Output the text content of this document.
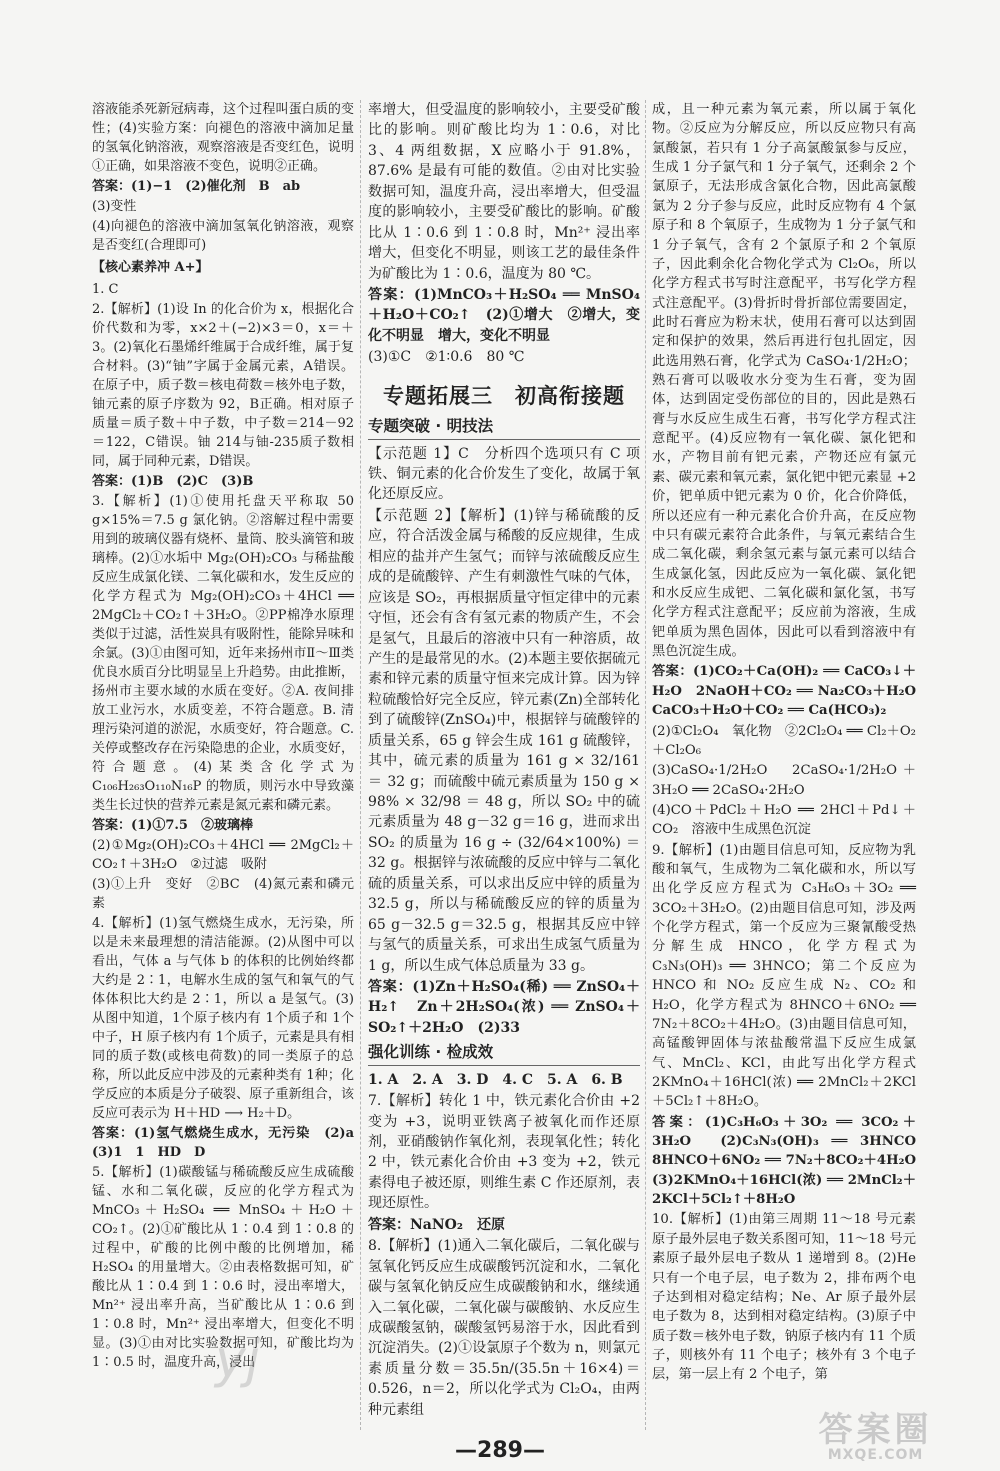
溶液能杀死新冠病毒，这个过程叫蛋白质的变性；(4)实验方案：向褪色的溶液中滴加足量的氢氧化钠溶液，观察溶液是否变红色，说明①正确，如果溶液不变色，说明②正确。
答案：(1)−1　(2)催化剂　B　ab
(3)变性
(4)向褪色的溶液中滴加氢氧化钠溶液，观察是否变红(合理即可)
【核心素养冲 A+】
1. C
2.【解析】(1)设 In 的化合价为 x，根据化合价代数和为零，x×2＋(−2)×3＝0，x＝＋3。(2)氧化石墨烯纤维属于合成纤维，属于复合材料。(3)“铀”字属于金属元素，A错误。在原子中，质子数＝核电荷数＝核外电子数，铀元素的原子序数为 92，B正确。相对原子质量＝质子数＋中子数，中子数＝214－92＝122，C错误。铀 214与铀-235质子数相同，属于同种元素，D错误。
答案：(1)B　(2)C　(3)B
3.【解析】(1)①使用托盘天平称取 50 g×15%＝7.5 g 氯化钠。②溶解过程中需要用到的玻璃仪器有烧杯、量筒、胶头滴管和玻璃棒。(2)①水垢中 Mg₂(OH)₂CO₃ 与稀盐酸反应生成氯化镁、二氧化碳和水，发生反应的化学方程式为 Mg₂(OH)₂CO₃＋4HCl ══ 2MgCl₂＋CO₂↑＋3H₂O。②PP棉净水原理类似于过滤，活性炭具有吸附性，能除异味和余氯。(3)①由图可知，近年来扬州市Ⅱ～Ⅲ类优良水质百分比明显呈上升趋势。由此推断，扬州市主要水域的水质在变好。②A. 夜间排放工业污水，水质变差，不符合题意。B. 清理污染河道的淤泥，水质变好，符合题意。C. 关停或整改存在污染隐患的企业，水质变好，符合题意。(4)某类含化学式为 C₁₀₆H₂₆₃O₁₁₀N₁₆P 的物质，则污水中导致藻类生长过快的营养元素是氮元素和磷元素。
答案：(1)①7.5　②玻璃棒
(2)①Mg₂(OH)₂CO₃＋4HCl ══ 2MgCl₂＋CO₂↑＋3H₂O　②过滤　吸附
(3)①上升　变好　②BC　(4)氮元素和磷元素
4.【解析】(1)氢气燃烧生成水，无污染，所以是未来最理想的清洁能源。(2)从图中可以看出，气体 a 与气体 b 的体积的比例始终都大约是 2∶1，电解水生成的氢气和氧气的气体体积比大约是 2∶1，所以 a 是氢气。(3)从图中知道，1个原子核内有 1个质子和 1个中子，H 原子核内有 1个质子，元素是具有相同的质子数(或核电荷数)的同一类原子的总称，所以此反应中涉及的元素种类有 1种；化学反应的本质是分子破裂、原子重新组合，该反应可表示为 H＋HD ⟶ H₂＋D。
答案：(1)氢气燃烧生成水，无污染　(2)a　(3)1　1　HD　D
5.【解析】(1)碳酸锰与稀硫酸反应生成硫酸锰、水和二氧化碳，反应的化学方程式为 MnCO₃＋H₂SO₄ ══ MnSO₄＋H₂O＋CO₂↑。(2)①矿酸比从 1∶0.4 到 1∶0.8 的过程中，矿酸的比例中酸的比例增加，稀 H₂SO₄ 的用量增大。②由表格数据可知，矿酸比从 1∶0.4 到 1∶0.6 时，浸出率增大，Mn²⁺ 浸出率升高，当矿酸比从 1∶0.6 到 1∶0.8 时，Mn²⁺ 浸出率增大，但变化不明显。(3)①由对比实验数据可知，矿酸比均为 1∶0.5 时，温度升高，浸出
率增大，但受温度的影响较小，主要受矿酸比的影响。则矿酸比均为 1∶0.6，对比 3、4 两组数据，X 应略小于 91.8%，87.6% 是最有可能的数值。②由对比实验数据可知，温度升高，浸出率增大，但受温度的影响较小，主要受矿酸比的影响。矿酸比从 1∶0.6 到 1∶0.8 时，Mn²⁺ 浸出率增大，但变化不明显，则该工艺的最佳条件为矿酸比为 1∶0.6，温度为 80 ℃。
答案：(1)MnCO₃＋H₂SO₄ ══ MnSO₄＋H₂O＋CO₂↑　(2)①增大　②增大，变化不明显　增大，变化不明显
(3)①C　②1∶0.6　80 ℃
专题拓展三　初高衔接题
专题突破 · 明技法
【示范题 1】C　分析四个选项只有 C 项铁、铜元素的化合价发生了变化，故属于氧化还原反应。
【示范题 2】【解析】(1)锌与稀硫酸的反应，符合活泼金属与稀酸的反应规律，生成相应的盐并产生氢气；而锌与浓硫酸反应生成的是硫酸锌、产生有刺激性气味的气体，应该是 SO₂，再根据质量守恒定律中的元素守恒，还会有含有氢元素的物质产生，不会是氢气，且最后的溶液中只有一种溶质，故产生的是最常见的水。(2)本题主要依据硫元素和锌元素的质量守恒来完成计算。因为锌粒硫酸恰好完全反应，锌元素(Zn)全部转化到了硫酸锌(ZnSO₄)中，根据锌与硫酸锌的质量关系，65 g 锌会生成 161 g 硫酸锌，其中，硫元素的质量为 161 g × 32/161 ＝ 32 g；而硫酸中硫元素质量为 150 g × 98% × 32/98 ＝ 48 g，所以 SO₂ 中的硫元素质量为 48 g－32 g＝16 g，进而求出 SO₂ 的质量为 16 g ÷ (32/64×100%) ＝ 32 g。根据锌与浓硫酸的反应中锌与二氧化硫的质量关系，可以求出反应中锌的质量为 32.5 g，所以与稀硫酸反应的锌的质量为 65 g－32.5 g＝32.5 g，根据其反应中锌与氢气的质量关系，可求出生成氢气质量为 1 g，所以生成气体总质量为 33 g。
答案：(1)Zn＋H₂SO₄(稀) ══ ZnSO₄＋H₂↑　Zn＋2H₂SO₄(浓) ══ ZnSO₄＋SO₂↑＋2H₂O　(2)33
强化训练 · 检成效
1. A　2. A　3. D　4. C　5. A　6. B
7.【解析】转化 1 中，铁元素化合价由 +2 变为 +3，说明亚铁离子被氧化而作还原剂，亚硝酸钠作氧化剂，表现氧化性；转化 2 中，铁元素化合价由 +3 变为 +2，铁元素得电子被还原，则维生素 C 作还原剂，表现还原性。
答案：NaNO₂　还原
8.【解析】(1)通入二氧化碳后，二氧化碳与氢氧化钙反应生成碳酸钙沉淀和水，二氧化碳与氢氧化钠反应生成碳酸钠和水，继续通入二氧化碳，二氧化碳与碳酸钠、水反应生成碳酸氢钠，碳酸氢钙易溶于水，因此看到沉淀消失。(2)①设氯原子个数为 n，则氯元素质量分数＝35.5n/(35.5n＋16×4)＝0.526，n＝2，所以化学式为 Cl₂O₄，由两种元素组
成，且一种元素为氧元素，所以属于氧化物。②反应为分解反应，所以反应物只有高氯酸氯，若只有 1 分子高氯酸氯参与反应，生成 1 分子氯气和 1 分子氧气，还剩余 2 个氯原子，无法形成含氯化合物，因此高氯酸氯为 2 分子参与反应，此时反应物有 4 个氯原子和 8 个氧原子，生成物为 1 分子氯气和 1 分子氧气，含有 2 个氯原子和 2 个氧原子，因此剩余化合物化学式为 Cl₂O₆，所以化学方程式书写时注意配平，书写化学方程式注意配平。(3)骨折时骨折部位需要固定，此时石膏应为粉末状，使用石膏可以达到固定和保护的效果，然后再进行包扎固定，因此选用熟石膏，化学式为 CaSO₄·1/2H₂O；熟石膏可以吸收水分变为生石膏，变为固体，达到固定受伤部位的目的，因此是熟石膏与水反应生成生石膏，书写化学方程式注意配平。(4)反应物有一氧化碳、氯化钯和水，产物目前有钯元素，产物还应有氯元素、碳元素和氧元素，氯化钯中钯元素显 +2 价，钯单质中钯元素为 0 价，化合价降低，所以还应有一种元素化合价升高，在反应物中只有碳元素符合此条件，与氧元素结合生成二氧化碳，剩余氢元素与氯元素可以结合生成氯化氢，因此反应为一氧化碳、氯化钯和水反应生成钯、二氧化碳和氯化氢，书写化学方程式注意配平；反应前为溶液，生成钯单质为黑色固体，因此可以看到溶液中有黑色沉淀生成。
答案：(1)CO₂＋Ca(OH)₂ ══ CaCO₃↓＋H₂O　2NaOH＋CO₂ ══ Na₂CO₃＋H₂O　CaCO₃＋H₂O＋CO₂ ══ Ca(HCO₃)₂
(2)①Cl₂O₄　氧化物　②2Cl₂O₄ ══ Cl₂＋O₂＋Cl₂O₆
(3)CaSO₄·1/2H₂O　2CaSO₄·1/2H₂O＋3H₂O ══ 2CaSO₄·2H₂O
(4)CO＋PdCl₂＋H₂O ══ 2HCl＋Pd↓＋CO₂　溶液中生成黑色沉淀
9.【解析】(1)由题目信息可知，反应物为乳酸和氧气，生成物为二氧化碳和水，所以写出化学反应方程式为 C₃H₆O₃＋3O₂ ══ 3CO₂＋3H₂O。(2)由题目信息可知，涉及两个化学方程式，第一个反应为三聚氰酸受热分解生成 HNCO，化学方程式为 C₃N₃(OH)₃ ══ 3HNCO；第二个反应为 HNCO 和 NO₂ 反应生成 N₂、CO₂ 和 H₂O，化学方程式为 8HNCO＋6NO₂ ══ 7N₂＋8CO₂＋4H₂O。(3)由题目信息可知，高锰酸钾固体与浓盐酸常温下反应生成氯气、MnCl₂、KCl，由此写出化学方程式 2KMnO₄＋16HCl(浓) ══ 2MnCl₂＋2KCl＋5Cl₂↑＋8H₂O。
答案：(1)C₃H₆O₃＋3O₂ ══ 3CO₂＋3H₂O　(2)C₃N₃(OH)₃ ══ 3HNCO　8HNCO＋6NO₂ ══ 7N₂＋8CO₂＋4H₂O　(3)2KMnO₄＋16HCl(浓) ══ 2MnCl₂＋2KCl＋5Cl₂↑＋8H₂O
10.【解析】(1)由第三周期 11～18 号元素原子最外层电子数关系图可知，11～18 号元素原子最外层电子数从 1 递增到 8。(2)He 只有一个电子层，电子数为 2，排布两个电子达到相对稳定结构；Ne、Ar 原子最外层电子数为 8，达到相对稳定结构。(3)原子中质子数＝核外电子数，钠原子核内有 11 个质子，则核外有 11 个电子；核外有 3 个电子层，第一层上有 2 个电子，第
yj
—289—
答案圈
MXQE.COM
